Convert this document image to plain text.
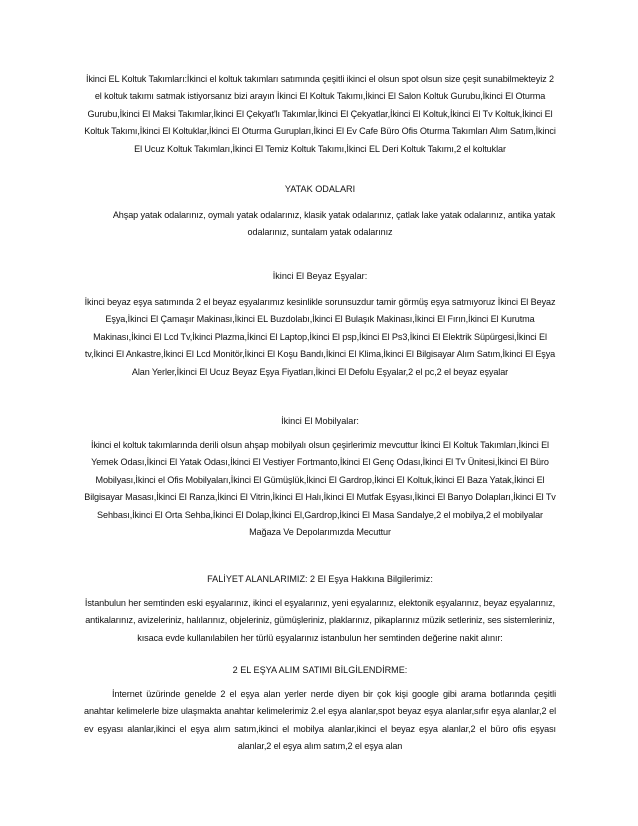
İkinci EL Koltuk Takımları:İkinci el koltuk takımları satımında çeşitli ikinci el olsun spot olsun size çeşit sunabilmekteyiz 2 el koltuk takımı satmak istiyorsanız bizi arayın İkinci El Koltuk Takımı,İkinci El Salon Koltuk Gurubu,İkinci El Oturma Gurubu,İkinci El Maksi Takımlar,İkinci El Çekyat'lı Takımlar,İkinci El Çekyatlar,İkinci El Koltuk,İkinci El Tv Koltuk,İkinci El Koltuk Takımı,İkinci El Koltuklar,İkinci El Oturma Gurupları,İkinci El Ev Cafe Büro Ofis Oturma Takımları Alım Satım,İkinci El Ucuz Koltuk Takımları,İkinci El Temiz Koltuk Takımı,İkinci EL Deri Koltuk Takımı,2 el koltuklar
YATAK ODALARI
Ahşap yatak odalarınız, oymalı yatak odalarınız, klasik yatak odalarınız, çatlak lake yatak odalarınız, antika yatak odalarınız, suntalam yatak odalarınız
İkinci El Beyaz Eşyalar:
İkinci beyaz eşya satımında 2 el beyaz eşyalarımız kesinlikle sorunsuzdur tamir görmüş eşya satmıyoruz İkinci El Beyaz Eşya,İkinci El Çamaşır Makinası,İkinci EL Buzdolabı,İkinci El Bulaşık Makinası,İkinci El Fırın,İkinci El Kurutma Makinası,İkinci El Lcd Tv,İkinci Plazma,İkinci El Laptop,İkinci El psp,İkinci El Ps3,İkinci El Elektrik Süpürgesi,İkinci El tv,İkinci El Ankastre,İkinci El Lcd Monitör,İkinci El Koşu Bandı,İkinci El Klima,İkinci El Bilgisayar Alım Satım,İkinci El Eşya Alan Yerler,İkinci El Ucuz Beyaz Eşya Fiyatları,İkinci El Defolu Eşyalar,2 el pc,2 el beyaz eşyalar
İkinci El Mobilyalar:
İkinci el koltuk takımlarında derili olsun ahşap mobilyalı olsun çeşirlerimiz mevcuttur İkinci El Koltuk Takımları,İkinci El Yemek Odası,İkinci El Yatak Odası,İkinci El Vestiyer Fortmanto,İkinci El Genç Odası,İkinci El Tv Ünitesi,İkinci El Büro Mobilyası,İkinci el Ofis Mobilyaları,İkinci El Gümüşlük,İkinci El Gardrop,İkinci El Koltuk,İkinci El Baza Yatak,İkinci El Bilgisayar Masası,İkinci El Ranza,İkinci El Vitrin,İkinci El Halı,İkinci El Mutfak Eşyası,İkinci El Banyo Dolapları,İkinci El Tv Sehbası,İkinci El Orta Sehba,İkinci El Dolap,İkinci El,Gardrop,İkinci El Masa Sandalye,2 el mobilya,2 el mobilyalar Mağaza Ve Depolarımızda Mecuttur
FALİYET ALANLARIMIZ: 2 El Eşya Hakkına Bilgilerimiz:
İstanbulun her semtinden eski eşyalarınız, ikinci el eşyalarınız, yeni eşyalarınız, elektonik eşyalarınız, beyaz eşyalarınız, antikalarınız, avizeleriniz, halılarınız, objeleriniz, gümüşleriniz, plaklarınız, pikaplarınız müzik setleriniz, ses sistemleriniz, kısaca evde kullanılabilen her türlü eşyalarınız istanbulun her semtinden değerine nakit alınır:
2 EL EŞYA ALIM SATIMI BİLGİLENDİRME:
İnternet üzürinde genelde 2 el eşya alan yerler nerde diyen bir çok kişi google gibi arama botlarında çeşitli anahtar kelimelerle bize ulaşmakta anahtar kelimelerimiz 2.el eşya alanlar,spot beyaz eşya alanlar,sıfır eşya alanlar,2 el ev eşyası alanlar,ikinci el eşya alım satım,ikinci el mobilya alanlar,ikinci el beyaz eşya alanlar,2 el büro ofis eşyası alanlar,2 el eşya alım satım,2 el eşya alan
